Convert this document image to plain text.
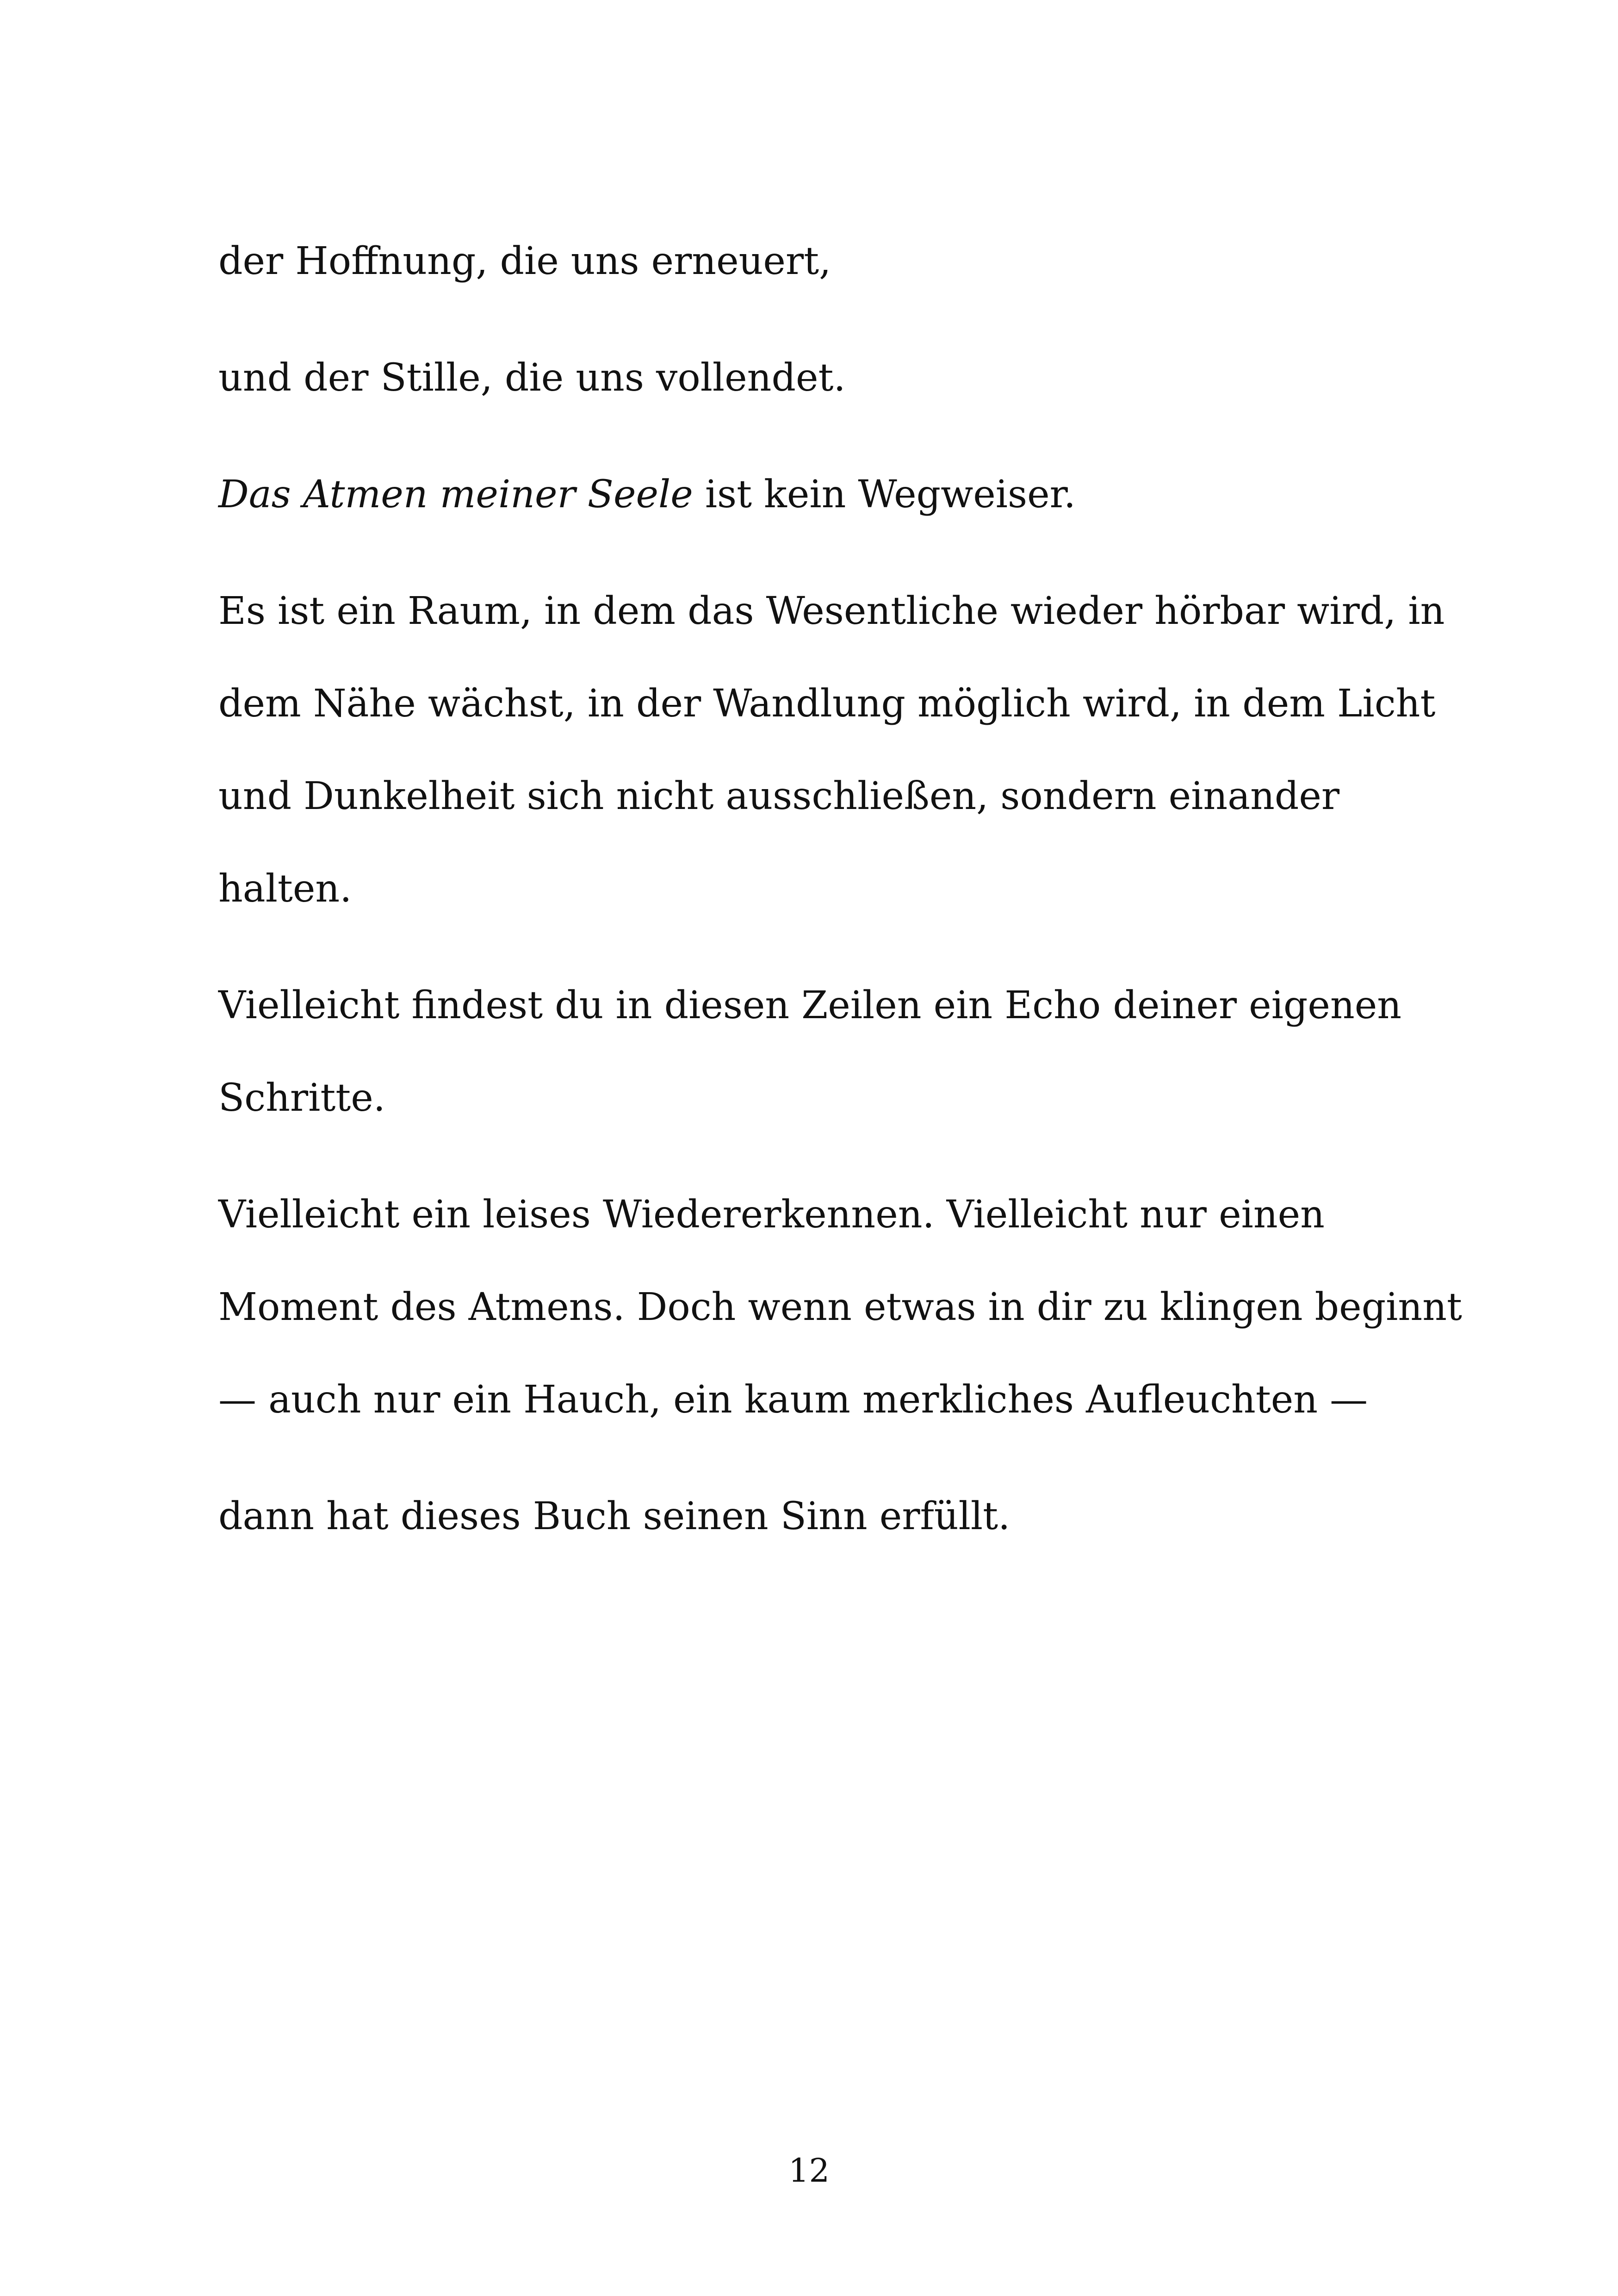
der Hoffnung, die uns erneuert,

und der Stille, die uns vollendet.

Das Atmen meiner Seele ist kein Wegweiser.

Es ist ein Raum, in dem das Wesentliche wieder hörbar wird, in dem Nähe wächst, in der Wandlung möglich wird, in dem Licht und Dunkelheit sich nicht ausschließen, sondern einander halten.

Vielleicht findest du in diesen Zeilen ein Echo deiner eigenen Schritte.

Vielleicht ein leises Wiedererkennen. Vielleicht nur einen Moment des Atmens. Doch wenn etwas in dir zu klingen beginnt — auch nur ein Hauch, ein kaum merkliches Aufleuchten —

dann hat dieses Buch seinen Sinn erfüllt.

12
